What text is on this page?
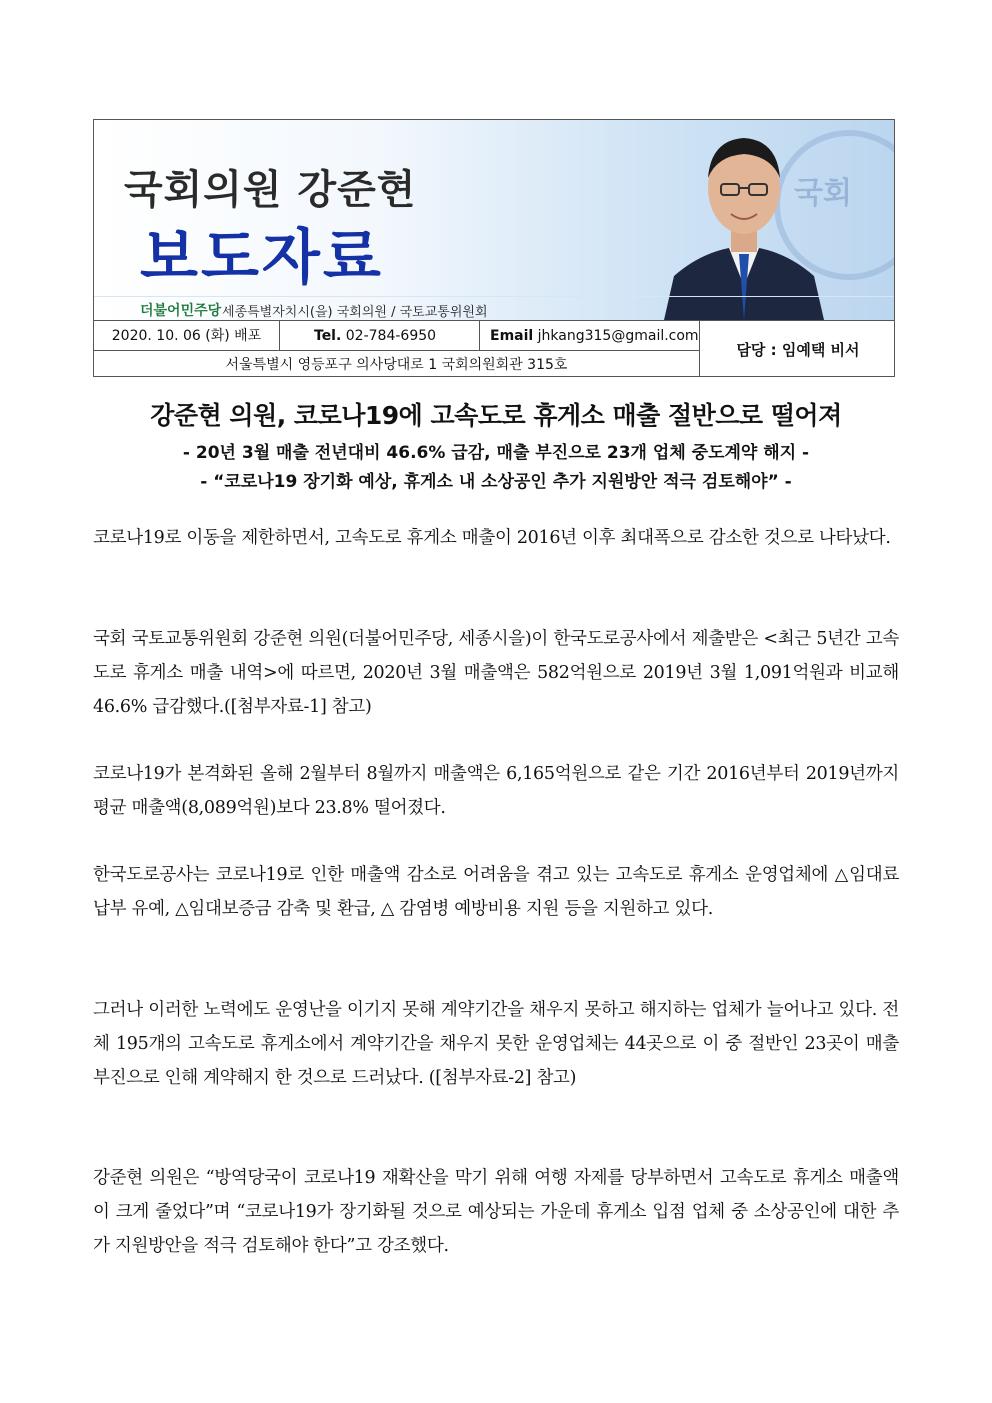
국회
국회의원 강준현
보도자료
더불어민주당 세종특별자치시(을) 국회의원 / 국토교통위원회
2020. 10. 06 (화) 배포	Tel. 02-784-6950	Email jhkang315@gmail.com
서울특별시 영등포구 의사당대로 1 국회의원회관 315호
담당 : 임예택 비서
강준현 의원, 코로나19에 고속도로 휴게소 매출 절반으로 떨어져
- 20년 3월 매출 전년대비 46.6% 급감, 매출 부진으로 23개 업체 중도계약 해지 -
- “코로나19 장기화 예상, 휴게소 내 소상공인 추가 지원방안 적극 검토해야” -
코로나19로 이동을 제한하면서, 고속도로 휴게소 매출이 2016년 이후 최대폭으로 감소한 것으로 나타났다.
국회 국토교통위원회 강준현 의원(더불어민주당, 세종시을)이 한국도로공사에서 제출받은 <최근 5년간 고속도로 휴게소 매출 내역>에 따르면, 2020년 3월 매출액은 582억원으로 2019년 3월 1,091억원과 비교해 46.6% 급감했다.([첨부자료-1] 참고)
코로나19가 본격화된 올해 2월부터 8월까지 매출액은 6,165억원으로 같은 기간 2016년부터 2019년까지 평균 매출액(8,089억원)보다 23.8% 떨어졌다.
한국도로공사는 코로나19로 인한 매출액 감소로 어려움을 겪고 있는 고속도로 휴게소 운영업체에 △임대료 납부 유예, △임대보증금 감축 및 환급, △ 감염병 예방비용 지원 등을 지원하고 있다.
그러나 이러한 노력에도 운영난을 이기지 못해 계약기간을 채우지 못하고 해지하는 업체가 늘어나고 있다. 전체 195개의 고속도로 휴게소에서 계약기간을 채우지 못한 운영업체는 44곳으로 이 중 절반인 23곳이 매출부진으로 인해 계약해지 한 것으로 드러났다. ([첨부자료-2] 참고)
강준현 의원은 “방역당국이 코로나19 재확산을 막기 위해 여행 자제를 당부하면서 고속도로 휴게소 매출액이 크게 줄었다”며 “코로나19가 장기화될 것으로 예상되는 가운데 휴게소 입점 업체 중 소상공인에 대한 추가 지원방안을 적극 검토해야 한다”고 강조했다.
